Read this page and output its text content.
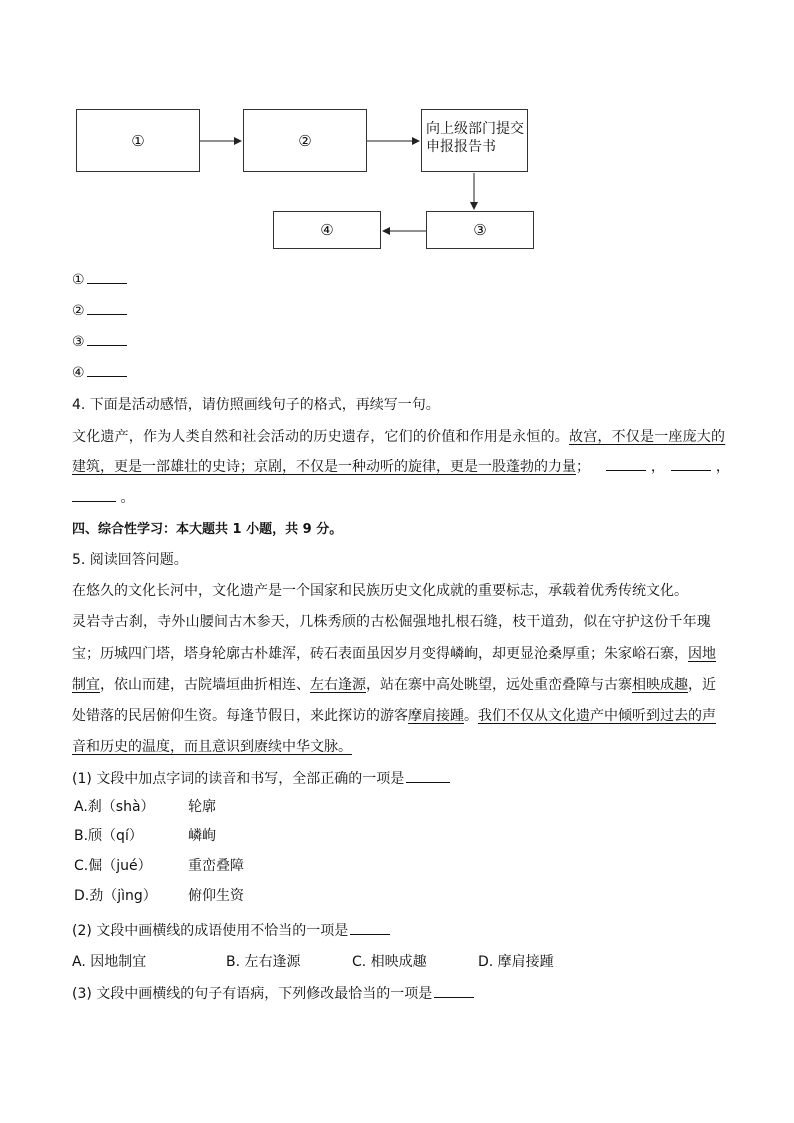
①	②
向上级部门提交
申报报告书
③
④
①
②
③
④
4. 下面是活动感悟，请仿照画线句子的格式，再续写一句。
文化遗产，作为人类自然和社会活动的历史遗存，它们的价值和作用是永恒的。故宫，不仅是一座庞大的
建筑，更是一部雄壮的史诗；京剧，不仅是一种动听的旋律，更是一股蓬勃的力量；	，	，
。
四、综合性学习：本大题共 1 小题，共 9 分。
5. 阅读回答问题。
在悠久的文化长河中，文化遗产是一个国家和民族历史文化成就的重要标志，承载着优秀传统文化。
灵岩寺古刹，寺外山腰间古木参天，几株秀颀的古松倔强地扎根石缝，枝干道劲，似在守护这份千年瑰
宝；历城四门塔，塔身轮廓古朴雄浑，砖石表面虽因岁月变得嶙峋，却更显沧桑厚重；朱家峪石寨，因地
制宜，依山而建，古院墙垣曲折相连、左右逢源，站在寨中高处眺望，远处重峦叠障与古寨相映成趣，近
处错落的民居俯仰生资。每逢节假日，来此探访的游客摩肩接踵。我们不仅从文化遗产中倾听到过去的声
音和历史的温度，而且意识到赓续中华文脉。
(1) 文段中加点字词的读音和书写，全部正确的一项是
A.刹（shà） 轮廓
B.颀（qí）	嶙峋
C.倔（jué）	重峦叠障
D.劲（jìng） 俯仰生资
(2) 文段中画横线的成语使用不恰当的一项是
A. 因地制宜	B. 左右逢源	C. 相映成趣	D. 摩肩接踵
(3) 文段中画横线的句子有语病，下列修改最恰当的一项是
